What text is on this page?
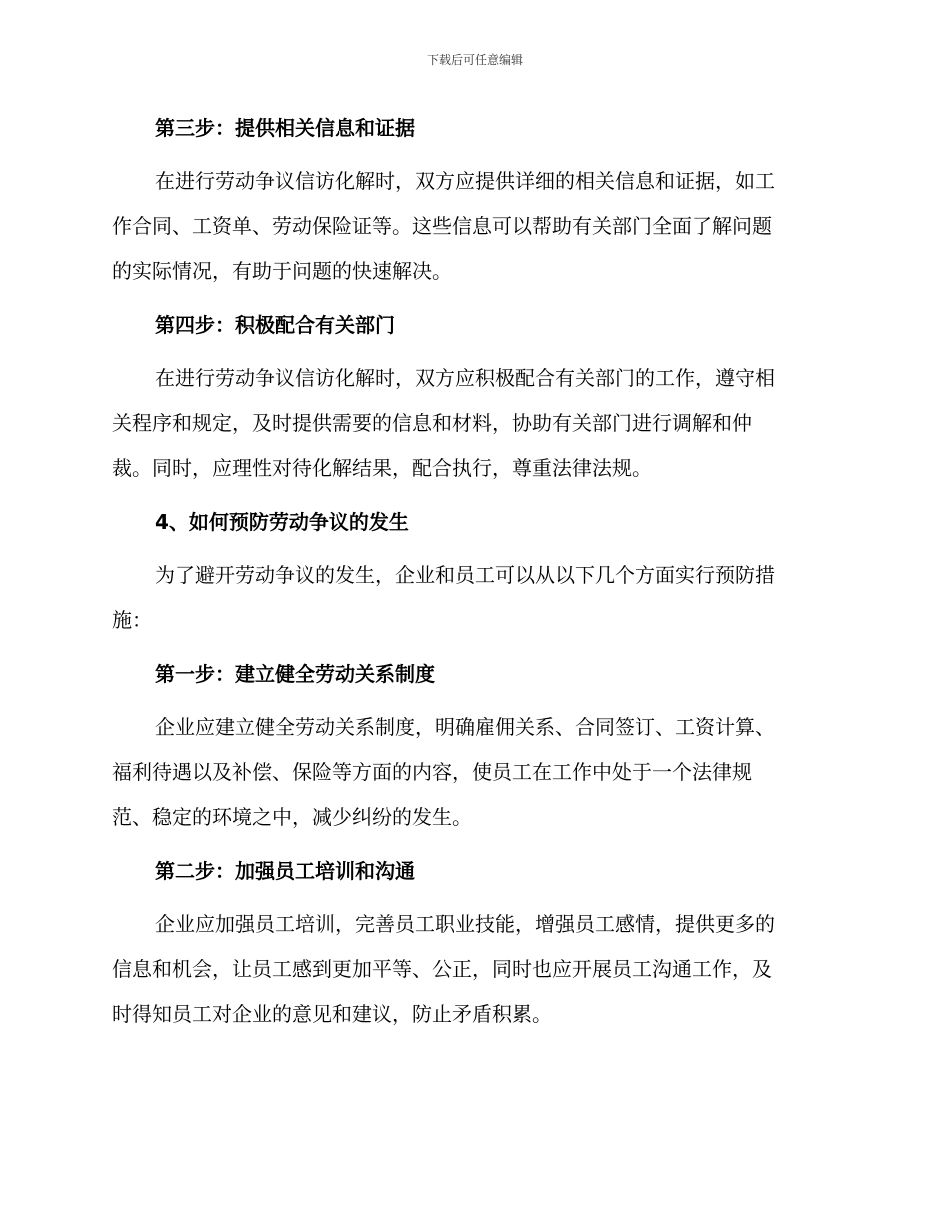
下载后可任意编辑

第三步：提供相关信息和证据

在进行劳动争议信访化解时，双方应提供详细的相关信息和证据，如工
作合同、工资单、劳动保险证等。这些信息可以帮助有关部门全面了解问题
的实际情况，有助于问题的快速解决。

第四步：积极配合有关部门

在进行劳动争议信访化解时，双方应积极配合有关部门的工作，遵守相
关程序和规定，及时提供需要的信息和材料，协助有关部门进行调解和仲
裁。同时，应理性对待化解结果，配合执行，尊重法律法规。

4、如何预防劳动争议的发生

为了避开劳动争议的发生，企业和员工可以从以下几个方面实行预防措
施：

第一步：建立健全劳动关系制度

企业应建立健全劳动关系制度，明确雇佣关系、合同签订、工资计算、
福利待遇以及补偿、保险等方面的内容，使员工在工作中处于一个法律规
范、稳定的环境之中，减少纠纷的发生。

第二步：加强员工培训和沟通

企业应加强员工培训，完善员工职业技能，增强员工感情，提供更多的
信息和机会，让员工感到更加平等、公正，同时也应开展员工沟通工作，及
时得知员工对企业的意见和建议，防止矛盾积累。
